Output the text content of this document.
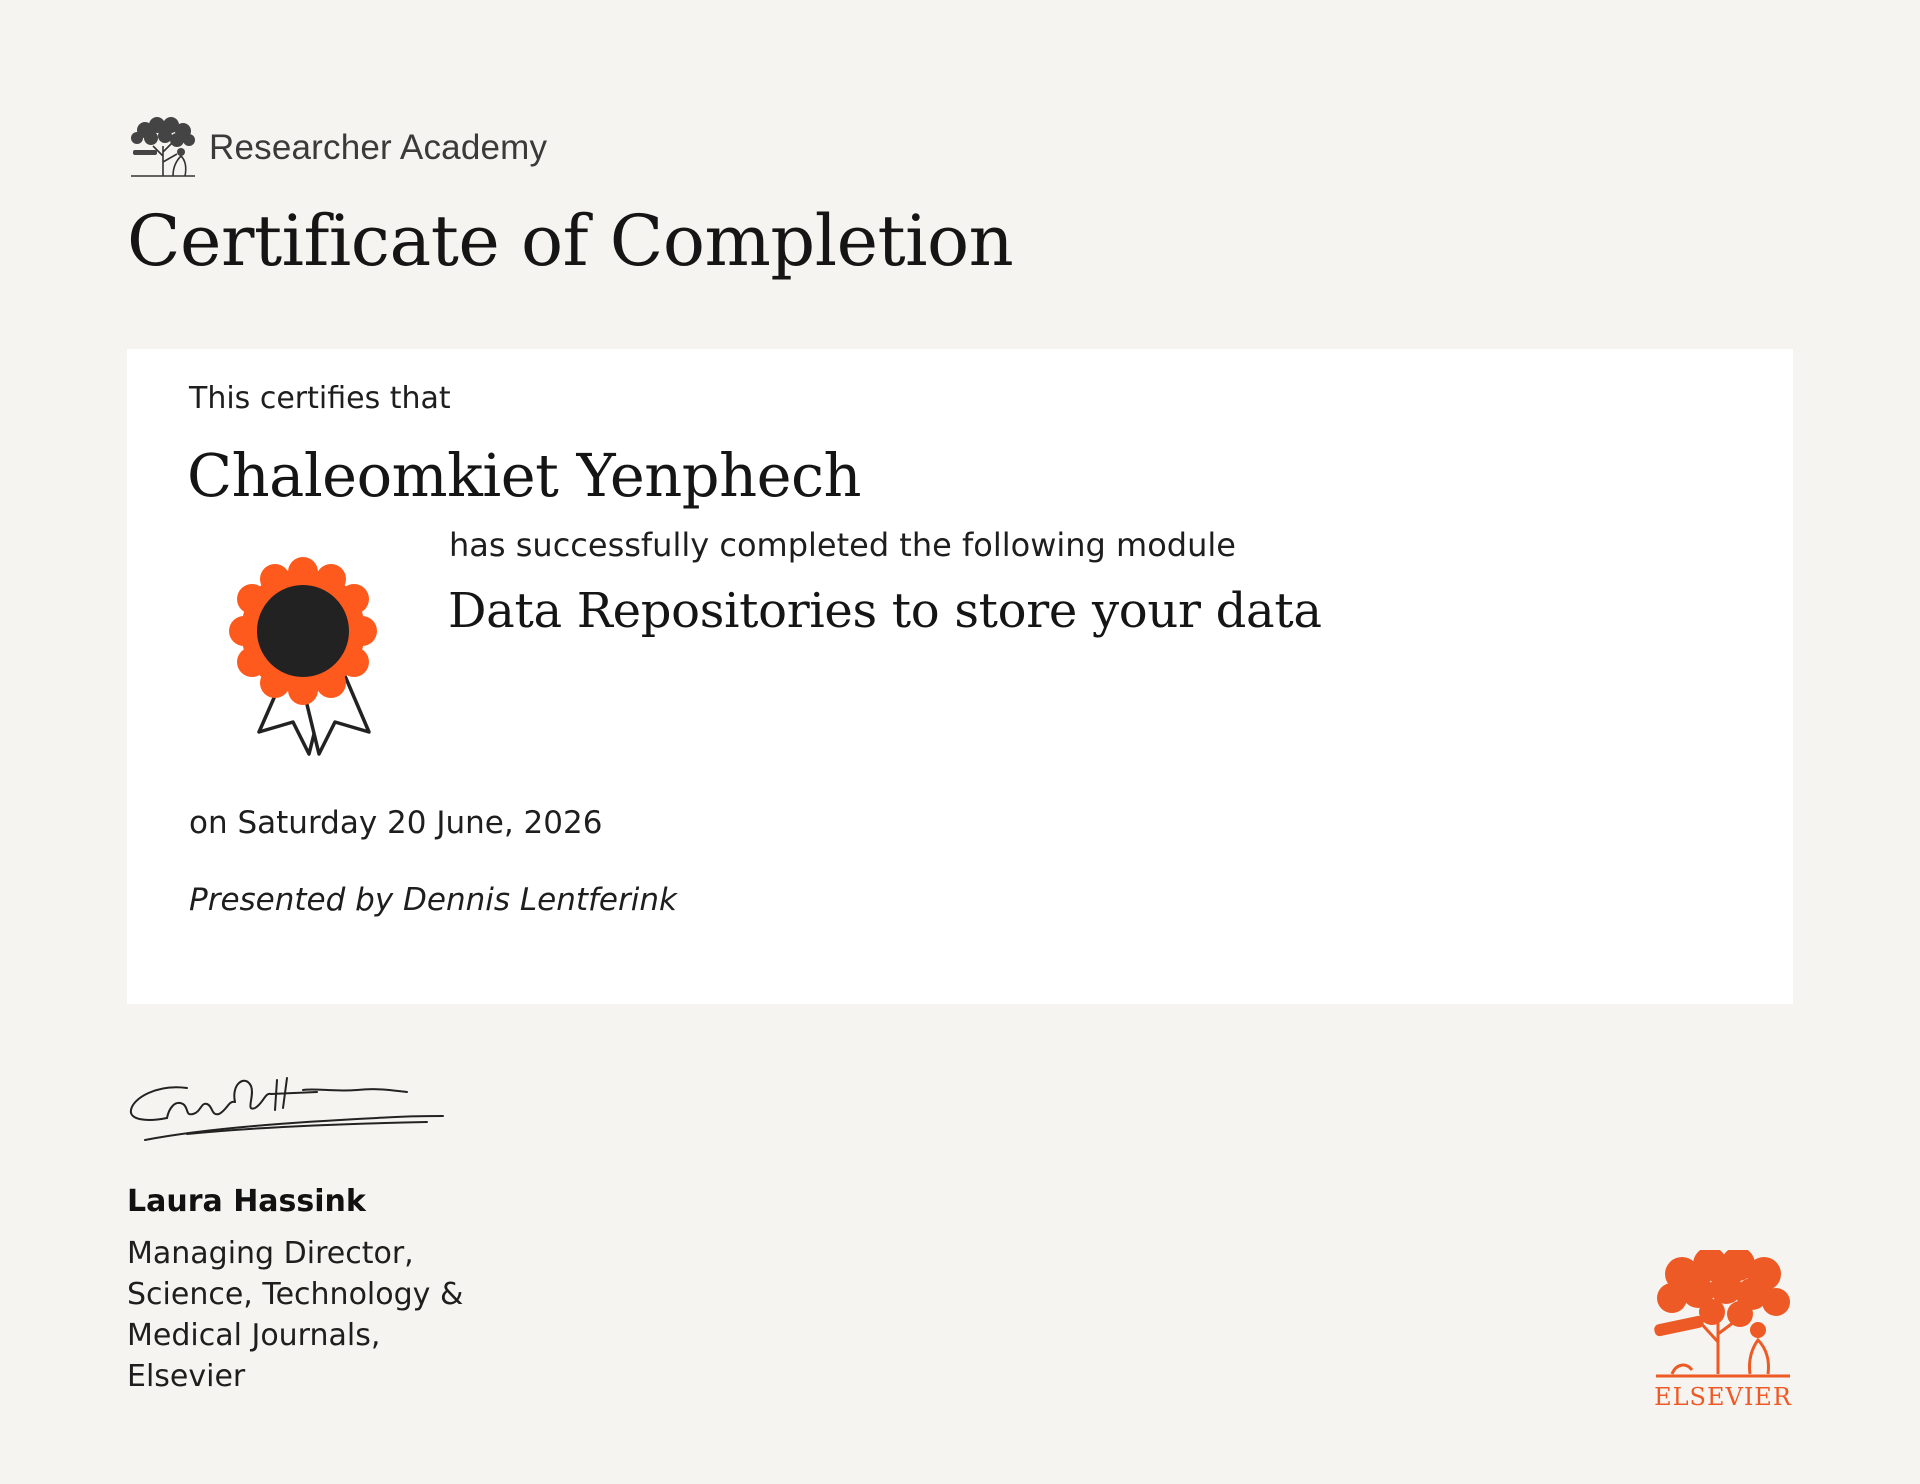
Researcher Academy
Certificate of Completion
This certifies that
Chaleomkiet Yenphech
has successfully completed the following module
Data Repositories to store your data
on Saturday 20 June, 2026
Presented by Dennis Lentferink
Laura Hassink
Managing Director,
Science, Technology &
Medical Journals,
Elsevier
ELSEVIER
